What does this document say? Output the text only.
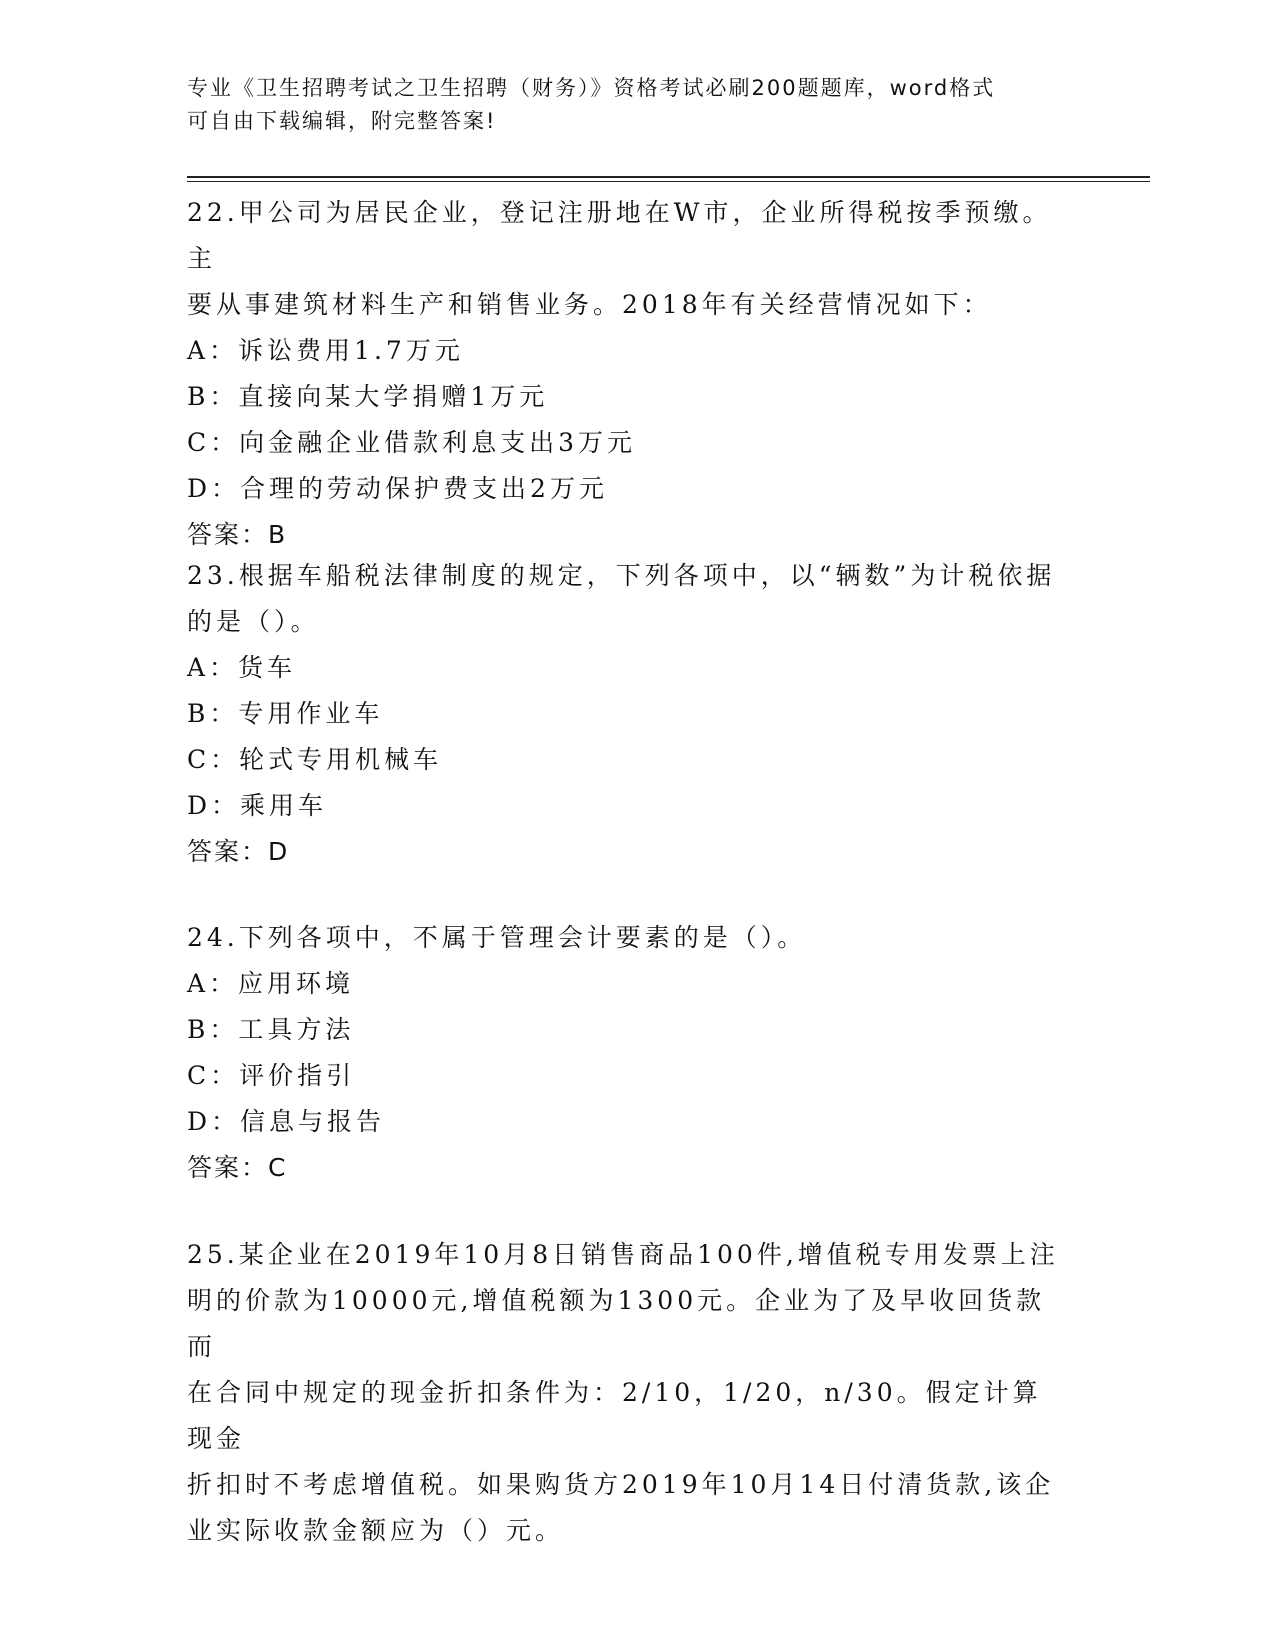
专业《卫生招聘考试之卫生招聘（财务）》资格考试必刷200题题库，word格式
可自由下载编辑，附完整答案!

22.甲公司为居民企业，登记注册地在W市，企业所得税按季预缴。主

要从事建筑材料生产和销售业务。2018年有关经营情况如下：

A：诉讼费用1.7万元

B：直接向某大学捐赠1万元

C：向金融企业借款利息支出3万元

D：合理的劳动保护费支出2万元

答案：B

23.根据车船税法律制度的规定，下列各项中，以“辆数”为计税依据

的是（）。

A：货车

B：专用作业车

C：轮式专用机械车

D：乘用车

答案：D

24.下列各项中，不属于管理会计要素的是（）。

A：应用环境

B：工具方法

C：评价指引

D：信息与报告

答案：C

25.某企业在2019年10月8日销售商品100件,增值税专用发票上注

明的价款为10000元,增值税额为1300元。企业为了及早收回货款而

在合同中规定的现金折扣条件为：2/10，1/20，n/30。假定计算现金

折扣时不考虑增值税。如果购货方2019年10月14日付清货款,该企

业实际收款金额应为（）元。
